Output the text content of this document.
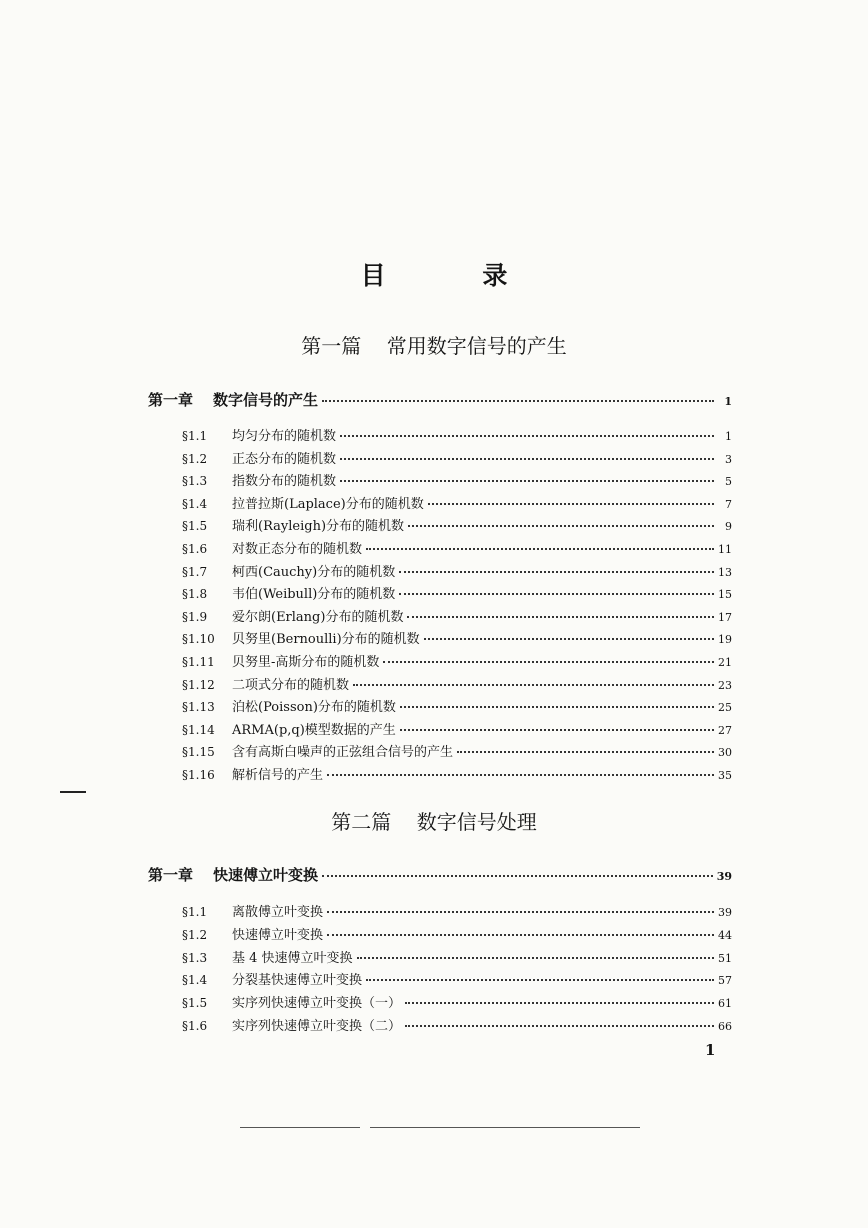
目 录
第一篇    常用数字信号的产生
第一章 数字信号的产生	1
§1.1	均匀分布的随机数	1
§1.2	正态分布的随机数	3
§1.3	指数分布的随机数	5
§1.4	拉普拉斯(Laplace)分布的随机数	7
§1.5	瑞利(Rayleigh)分布的随机数	9
§1.6	对数正态分布的随机数	11
§1.7	柯西(Cauchy)分布的随机数	13
§1.8	韦伯(Weibull)分布的随机数	15
§1.9	爱尔朗(Erlang)分布的随机数	17
§1.10	贝努里(Bernoulli)分布的随机数	19
§1.11	贝努里-高斯分布的随机数	21
§1.12	二项式分布的随机数	23
§1.13	泊松(Poisson)分布的随机数	25
§1.14	ARMA(p,q)模型数据的产生	27
§1.15	含有高斯白噪声的正弦组合信号的产生	30
§1.16	解析信号的产生	35
第二篇    数字信号处理
第一章 快速傅立叶变换	39
§1.1	离散傅立叶变换	39
§1.2	快速傅立叶变换	44
§1.3	基 4 快速傅立叶变换	51
§1.4	分裂基快速傅立叶变换	57
§1.5	实序列快速傅立叶变换（一）	61
§1.6	实序列快速傅立叶变换（二）	66
1
